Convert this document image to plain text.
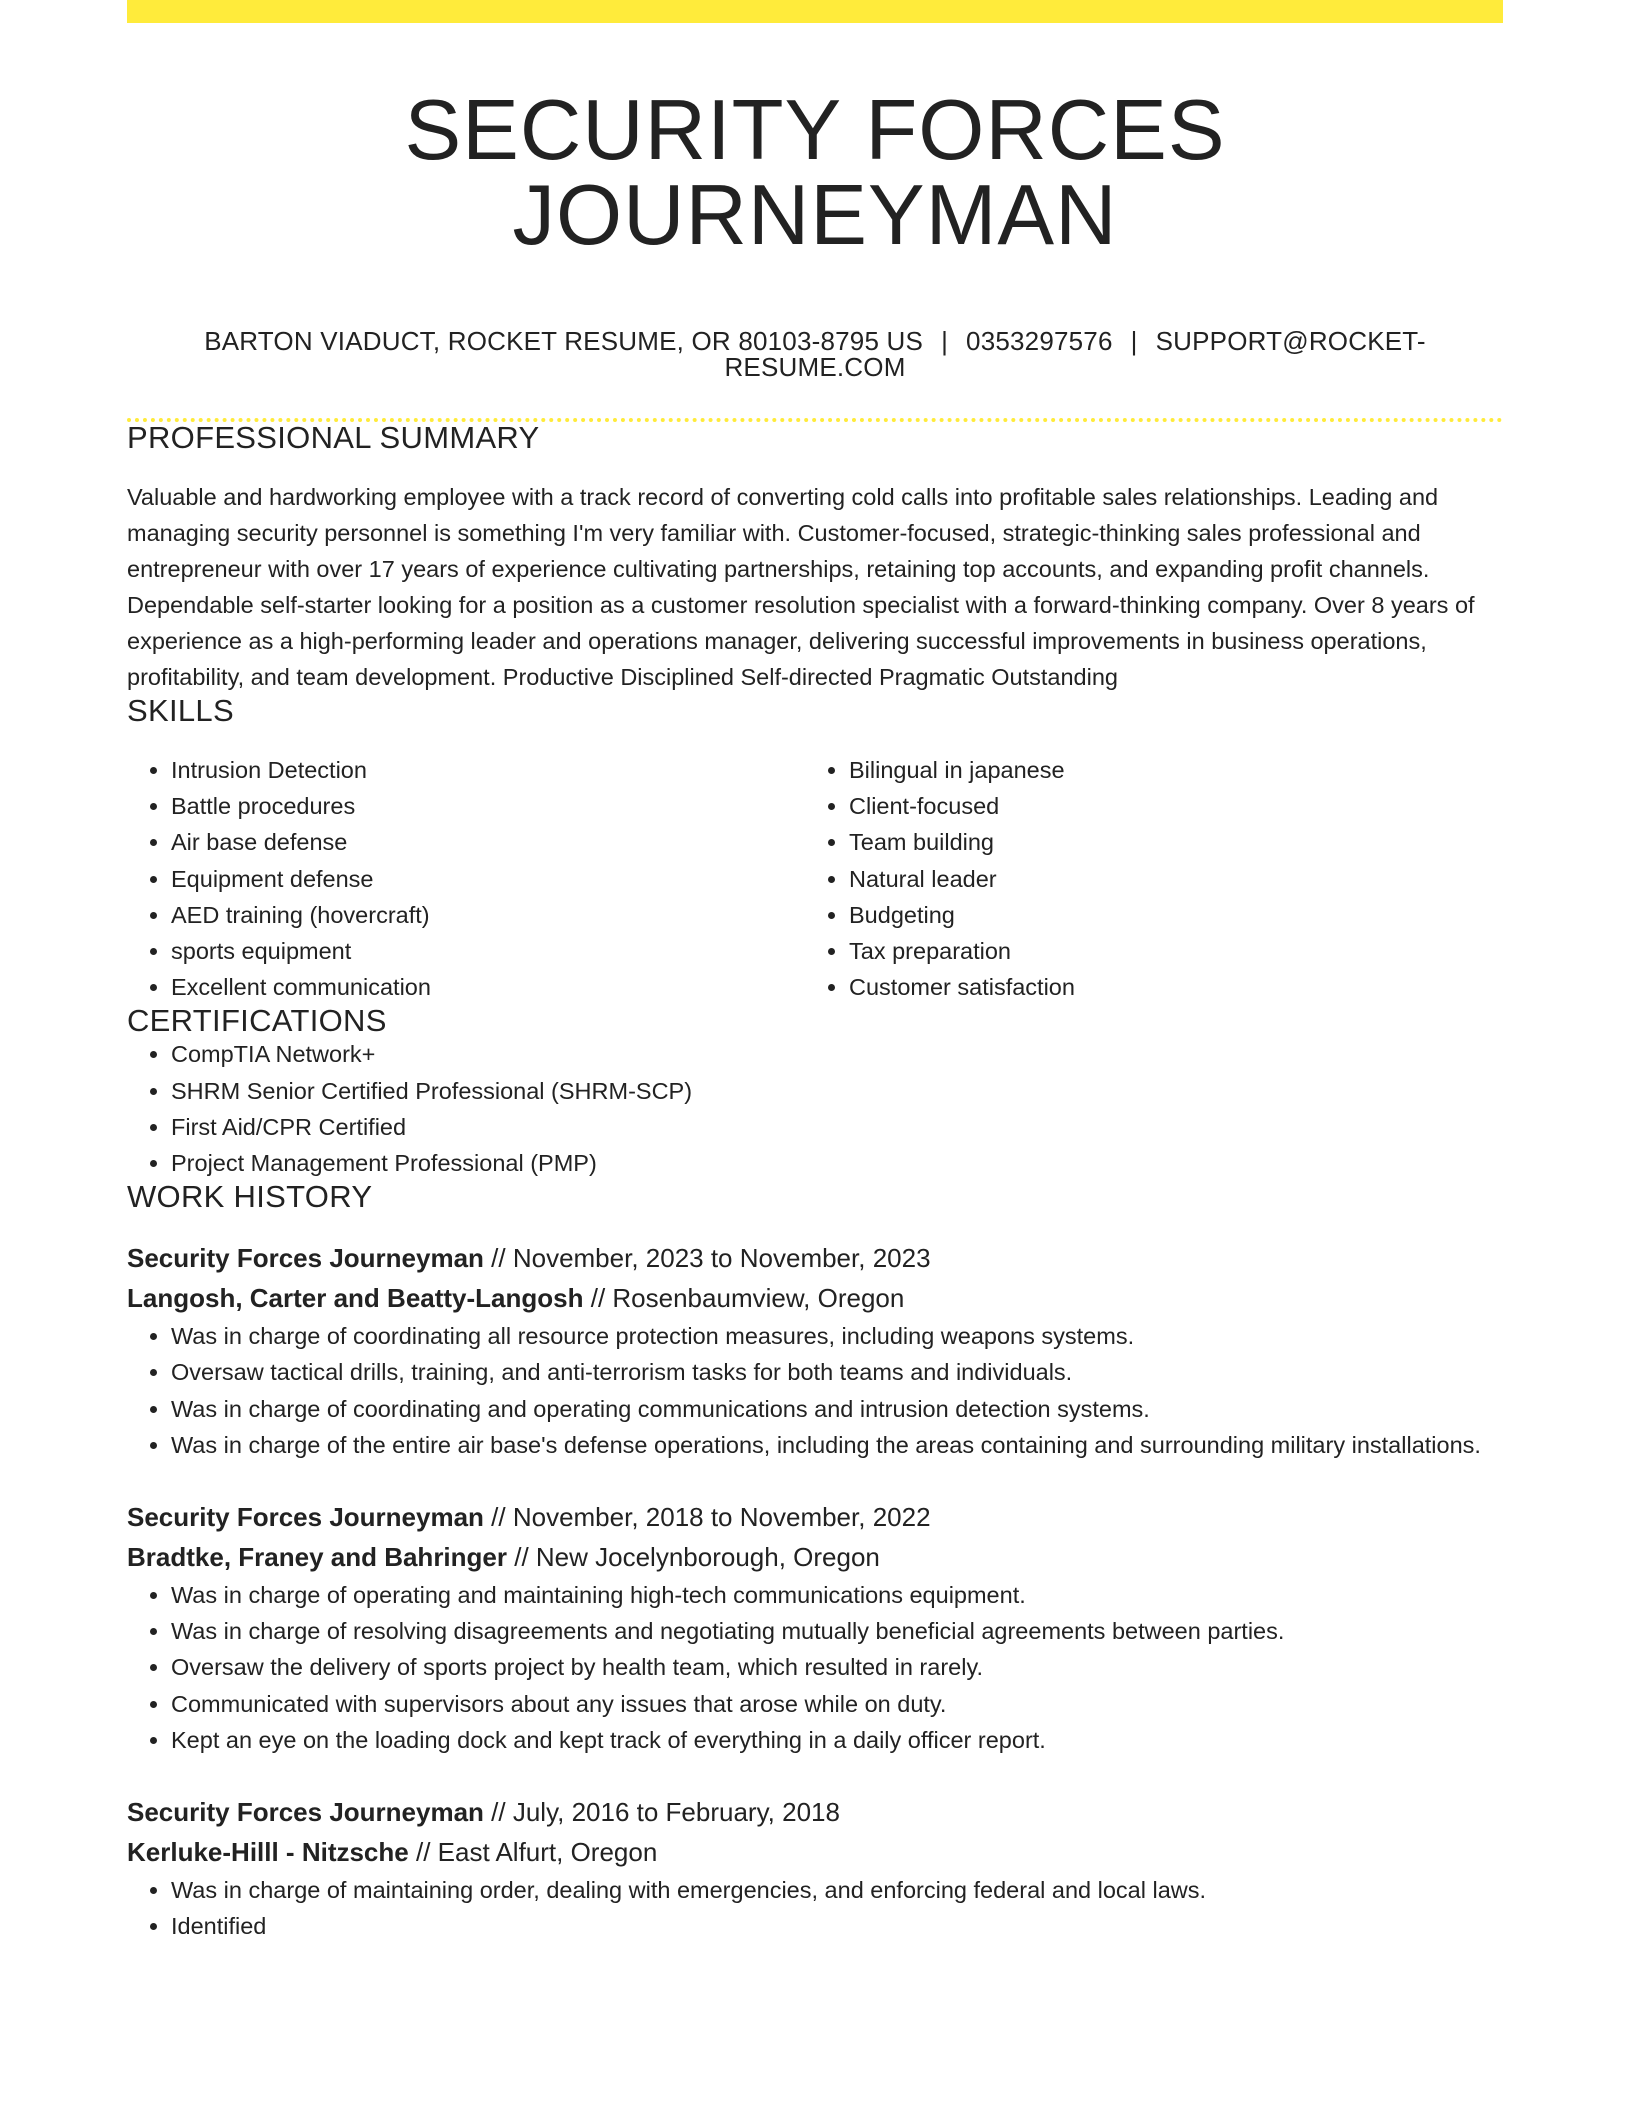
SECURITY FORCES JOURNEYMAN
BARTON VIADUCT, ROCKET RESUME, OR 80103-8795 US | 0353297576 | SUPPORT@ROCKET-RESUME.COM
PROFESSIONAL SUMMARY

Valuable and hardworking employee with a track record of converting cold calls into profitable sales relationships. Leading and managing security personnel is something I'm very familiar with. Customer-focused, strategic-thinking sales professional and entrepreneur with over 17 years of experience cultivating partnerships, retaining top accounts, and expanding profit channels. Dependable self-starter looking for a position as a customer resolution specialist with a forward-thinking company. Over 8 years of experience as a high-performing leader and operations manager, delivering successful improvements in business operations, profitability, and team development. Productive Disciplined Self-directed Pragmatic Outstanding

SKILLS
• Intrusion Detection
• Battle procedures
• Air base defense
• Equipment defense
• AED training (hovercraft)
• sports equipment
• Excellent communication
• Bilingual in japanese
• Client-focused
• Team building
• Natural leader
• Budgeting
• Tax preparation
• Customer satisfaction
CERTIFICATIONS
• CompTIA Network+
• SHRM Senior Certified Professional (SHRM-SCP)
• First Aid/CPR Certified
• Project Management Professional (PMP)
WORK HISTORY
Security Forces Journeyman // November, 2023 to November, 2023
Langosh, Carter and Beatty-Langosh // Rosenbaumview, Oregon
• Was in charge of coordinating all resource protection measures, including weapons systems.
• Oversaw tactical drills, training, and anti-terrorism tasks for both teams and individuals.
• Was in charge of coordinating and operating communications and intrusion detection systems.
• Was in charge of the entire air base's defense operations, including the areas containing and surrounding military installations.
Security Forces Journeyman // November, 2018 to November, 2022
Bradtke, Franey and Bahringer // New Jocelynborough, Oregon
• Was in charge of operating and maintaining high-tech communications equipment.
• Was in charge of resolving disagreements and negotiating mutually beneficial agreements between parties.
• Oversaw the delivery of sports project by health team, which resulted in rarely.
• Communicated with supervisors about any issues that arose while on duty.
• Kept an eye on the loading dock and kept track of everything in a daily officer report.
Security Forces Journeyman // July, 2016 to February, 2018
Kerluke-Hilll - Nitzsche // East Alfurt, Oregon
• Was in charge of maintaining order, dealing with emergencies, and enforcing federal and local laws.
• Identified
